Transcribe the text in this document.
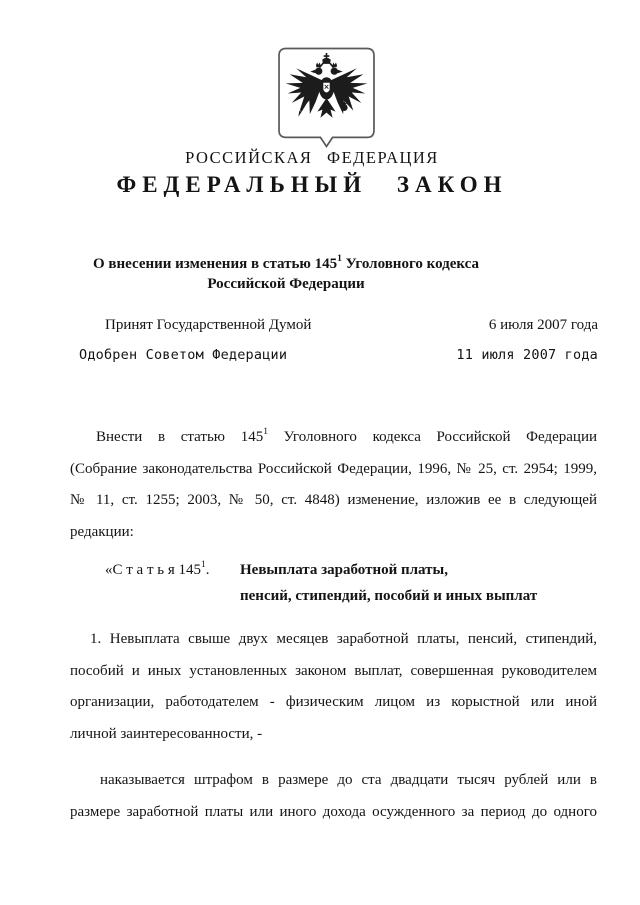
РОССИЙСКАЯ ФЕДЕРАЦИЯ
ФЕДЕРАЛЬНЫЙ ЗАКОН
О внесении изменения в статью $145^1$ Уголовного кодекса
Российской Федерации
Принят Государственной Думой	6 июля 2007 года
Одобрен Советом Федерации	11 июля 2007 года
Внести в статью $145^1$ Уголовного кодекса Российской Федерации
(Собрание законодательства Российской Федерации, 1996, № 25, ст. 2954; 1999,
№ 11, ст. 1255; 2003, № 50, ст. 4848) изменение, изложив ее в следующей
редакции:
«С т а т ь я $145^1$. Невыплата заработной платы,
пенсий, стипендий, пособий и иных выплат
1. Невыплата свыше двух месяцев заработной платы, пенсий, стипендий,
пособий и иных установленных законом выплат, совершенная руководителем
организации, работодателем - физическим лицом из корыстной или иной
личной заинтересованности, -
наказывается штрафом в размере до ста двадцати тысяч рублей или в
размере заработной платы или иного дохода осужденного за период до одного
